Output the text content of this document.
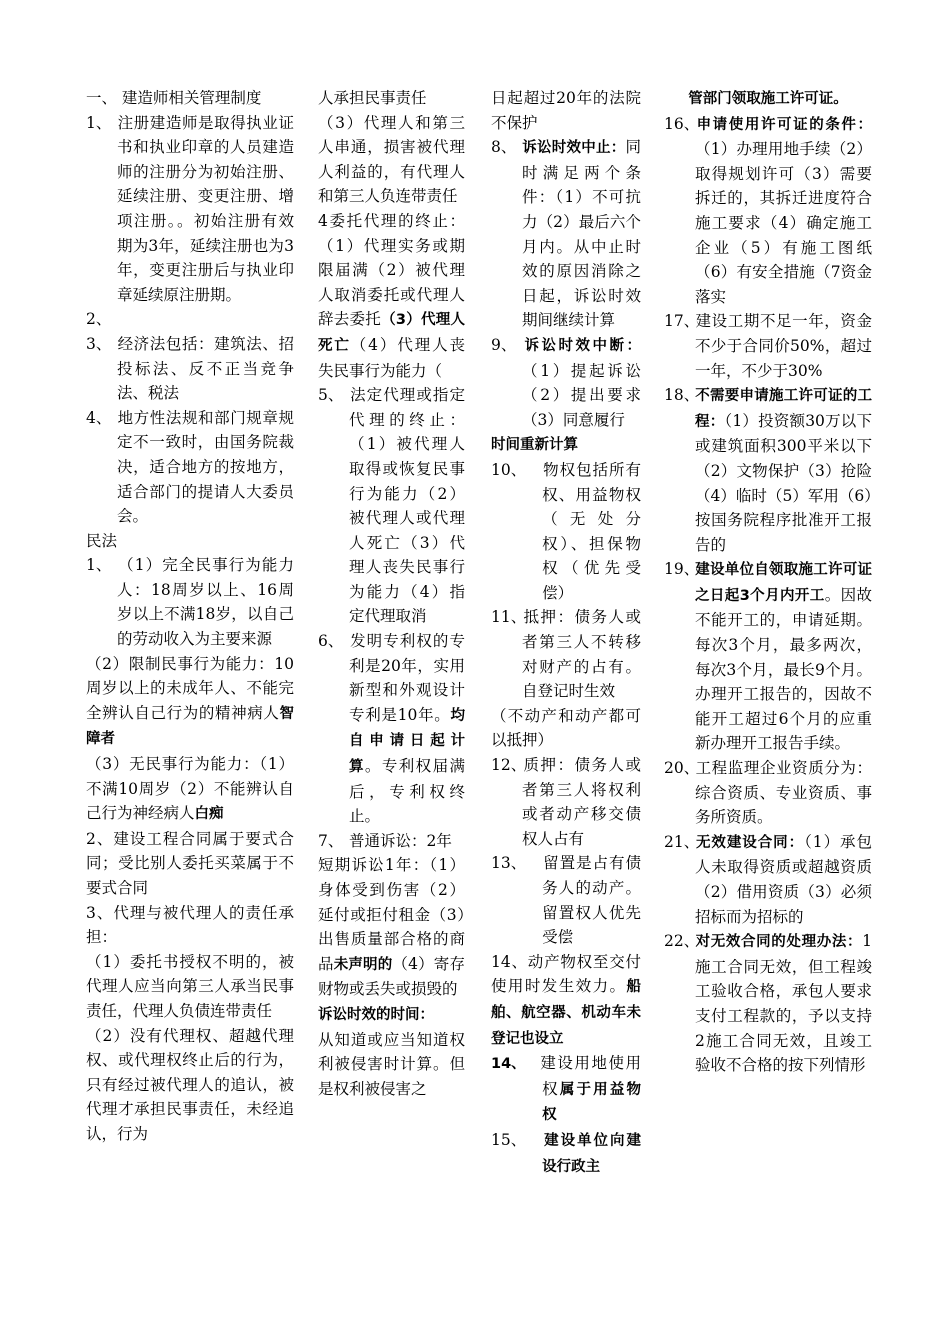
一、 建造师相关管理制度

1、 注册建造师是取得执业证书和执业印章的人员建造师的注册分为初始注册、延续注册、变更注册、增项注册。。初始注册有效期为3年，延续注册也为3年，变更注册后与执业印章延续原注册期。

2、

3、 经济法包括：建筑法、招投标法、反不正当竞争法、税法

4、 地方性法规和部门规章规定不一致时，由国务院裁决，适合地方的按地方，适合部门的提请人大委员会。

民法

1、 （1）完全民事行为能力人：18周岁以上、16周岁以上不满18岁，以自己的劳动收入为主要来源

（2）限制民事行为能力：10周岁以上的未成年人、不能完全辨认自己行为的精神病人智障者

（3）无民事行为能力：（1）不满10周岁（2）不能辨认自己行为神经病人白痴

2、建设工程合同属于要式合同；受比别人委托买菜属于不要式合同

3、代理与被代理人的责任承担：

（1）委托书授权不明的，被代理人应当向第三人承当民事责任，代理人负债连带责任

（2）没有代理权、超越代理权、或代理权终止后的行为，只有经过被代理人的追认，被代理才承担民事责任，未经追认，行为

人承担民事责任

（3）代理人和第三人串通，损害被代理人利益的，有代理人和第三人负连带责任

4委托代理的终止：（1）代理实务或期限届满（2）被代理人取消委托或代理人辞去委托（3）代理人死亡（4）代理人丧失民事行为能力（

5、 法定代理或指定代理的终止：（1）被代理人取得或恢复民事行为能力（2）被代理人或代理人死亡（3）代理人丧失民事行为能力（4）指定代理取消

6、 发明专利权的专利是20年，实用新型和外观设计专利是10年。均自申请日起计算。专利权届满后，专利权终止。

7、 普通诉讼：2年

短期诉讼1年：（1）身体受到伤害（2）延付或拒付租金（3）出售质量部合格的商品未声明的（4）寄存财物或丢失或损毁的

诉讼时效的时间：

从知道或应当知道权利被侵害时计算。但是权利被侵害之

日起超过20年的法院不保护

8、 诉讼时效中止：同时满足两个条件：（1）不可抗力（2）最后六个月内。从中止时效的原因消除之日起，诉讼时效期间继续计算

9、 诉讼时效中断：（1）提起诉讼（2）提出要求（3）同意履行

时间重新计算

10、 物权包括所有权、用益物权（无处分权）、担保物权（优先受偿）

11、抵押：债务人或者第三人不转移对财产的占有。自登记时生效

（不动产和动产都可以抵押）

12、质押：债务人或者第三人将权利或者动产移交债权人占有

13、 留置是占有债务人的动产。留置权人优先受偿

14、动产物权至交付使用时发生效力。船舶、航空器、机动车未登记也设立

14、 建设用地使用权属于用益物权

15、 建设单位向建设行政主

管部门领取施工许可证。

16、申请使用许可证的条件：（1）办理用地手续（2）取得规划许可（3）需要拆迁的，其拆迁进度符合施工要求（4）确定施工企业（5）有施工图纸（6）有安全措施（7资金落实

17、建设工期不足一年，资金不少于合同价50%，超过一年，不少于30%

18、不需要申请施工许可证的工程：（1）投资额30万以下或建筑面积300平米以下（2）文物保护（3）抢险（4）临时（5）军用（6）按国务院程序批准开工报告的

19、建设单位自领取施工许可证之日起3个月内开工。因故不能开工的，申请延期。每次3个月，最多两次，每次3个月，最长9个月。办理开工报告的，因故不能开工超过6个月的应重新办理开工报告手续。

20、工程监理企业资质分为：综合资质、专业资质、事务所资质。

21、无效建设合同：（1）承包人未取得资质或超越资质（2）借用资质（3）必须招标而为招标的

22、对无效合同的处理办法：1施工合同无效，但工程竣工验收合格，承包人要求支付工程款的，予以支持2施工合同无效，且竣工验收不合格的按下列情形
